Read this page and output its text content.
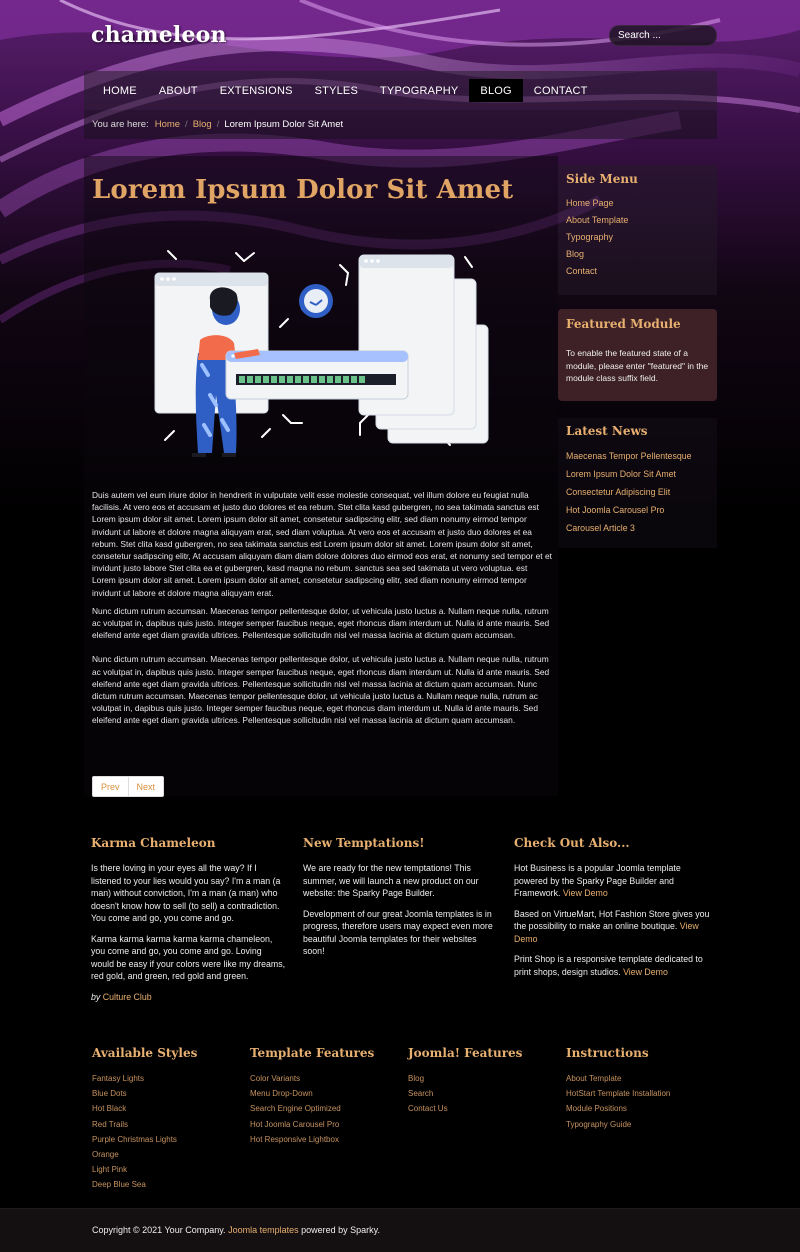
chameleon
Search ...
HOME	ABOUT	EXTENSIONS	STYLES	TYPOGRAPHY	BLOG	CONTACT
You are here: Home / Blog / Lorem Ipsum Dolor Sit Amet
Lorem Ipsum Dolor Sit Amet

Duis autem vel eum iriure dolor in hendrerit in vulputate velit esse molestie consequat, vel illum dolore eu feugiat nulla facilisis. At vero eos et accusam et justo duo dolores et ea rebum. Stet clita kasd gubergren, no sea takimata sanctus est Lorem ipsum dolor sit amet. Lorem ipsum dolor sit amet, consetetur sadipscing elitr, sed diam nonumy eirmod tempor invidunt ut labore et dolore magna aliquyam erat, sed diam voluptua. At vero eos et accusam et justo duo dolores et ea rebum. Stet clita kasd gubergren, no sea takimata sanctus est Lorem ipsum dolor sit amet. Lorem ipsum dolor sit amet, consetetur sadipscing elitr, At accusam aliquyam diam diam dolore dolores duo eirmod eos erat, et nonumy sed tempor et et invidunt justo labore Stet clita ea et gubergren, kasd magna no rebum. sanctus sea sed takimata ut vero voluptua. est Lorem ipsum dolor sit amet. Lorem ipsum dolor sit amet, consetetur sadipscing elitr, sed diam nonumy eirmod tempor invidunt ut labore et dolore magna aliquyam erat.

Nunc dictum rutrum accumsan. Maecenas tempor pellentesque dolor, ut vehicula justo luctus a. Nullam neque nulla, rutrum ac volutpat in, dapibus quis justo. Integer semper faucibus neque, eget rhoncus diam interdum ut. Nulla id ante mauris. Sed eleifend ante eget diam gravida ultrices. Pellentesque sollicitudin nisl vel massa lacinia at dictum quam accumsan.

Nunc dictum rutrum accumsan. Maecenas tempor pellentesque dolor, ut vehicula justo luctus a. Nullam neque nulla, rutrum ac volutpat in, dapibus quis justo. Integer semper faucibus neque, eget rhoncus diam interdum ut. Nulla id ante mauris. Sed eleifend ante eget diam gravida ultrices. Pellentesque sollicitudin nisl vel massa lacinia at dictum quam accumsan. Nunc dictum rutrum accumsan. Maecenas tempor pellentesque dolor, ut vehicula justo luctus a. Nullam neque nulla, rutrum ac volutpat in, dapibus quis justo. Integer semper faucibus neque, eget rhoncus diam interdum ut. Nulla id ante mauris. Sed eleifend ante eget diam gravida ultrices. Pellentesque sollicitudin nisl vel massa lacinia at dictum quam accumsan.

Prev	Next
Side Menu
Home Page
About Template
Typography
Blog
Contact
Featured Module
To enable the featured state of a module, please enter "featured" in the module class suffix field.
Latest News
Maecenas Tempor Pellentesque
Lorem Ipsum Dolor Sit Amet
Consectetur Adipiscing Elit
Hot Joomla Carousel Pro
Carousel Article 3
Karma Chameleon

Is there loving in your eyes all the way? If I listened to your lies would you say? I'm a man (a man) without conviction, I'm a man (a man) who doesn't know how to sell (to sell) a contradiction. You come and go, you come and go.

Karma karma karma karma karma chameleon, you come and go, you come and go. Loving would be easy if your colors were like my dreams, red gold, and green, red gold and green.

by Culture Club

New Temptations!

We are ready for the new temptations! This summer, we will launch a new product on our website: the Sparky Page Builder.

Development of our great Joomla templates is in progress, therefore users may expect even more beautiful Joomla templates for their websites soon!

Check Out Also...

Hot Business is a popular Joomla template powered by the Sparky Page Builder and Framework. View Demo

Based on VirtueMart, Hot Fashion Store gives you the possibility to make an online boutique. View Demo

Print Shop is a responsive template dedicated to print shops, design studios. View Demo

Available Styles
Fantasy Lights
Blue Dots
Hot Black
Red Trails
Purple Christmas Lights
Orange
Light Pink
Deep Blue Sea
Template Features
Color Variants
Menu Drop-Down
Search Engine Optimized
Hot Joomla Carousel Pro
Hot Responsive Lightbox
Joomla! Features
Blog
Search
Contact Us
Instructions
About Template
HotStart Template Installation
Module Positions
Typography Guide
Copyright © 2021 Your Company. Joomla templates powered by Sparky.
